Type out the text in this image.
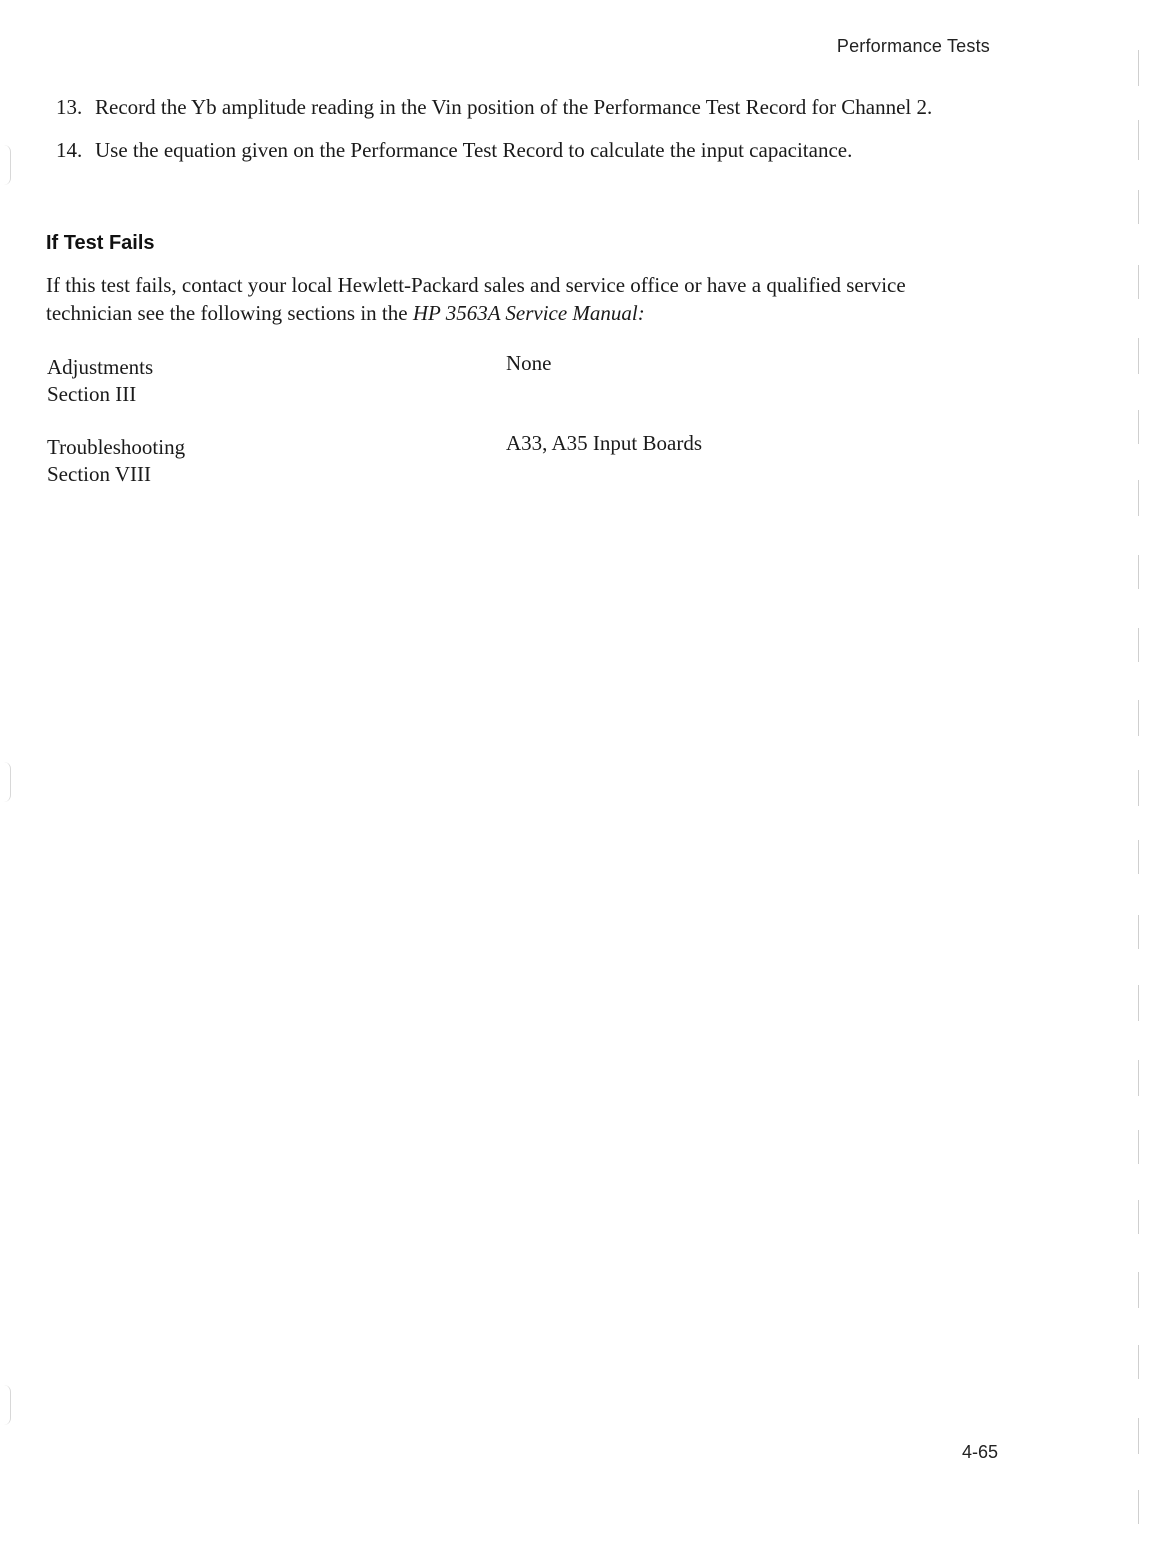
Performance Tests
13. Record the Yb amplitude reading in the Vin position of the Performance Test Record for Channel 2.
14. Use the equation given on the Performance Test Record to calculate the input capacitance.
If Test Fails

If this test fails, contact your local Hewlett-Packard sales and service office or have a qualified service technician see the following sections in the HP 3563A Service Manual:

Adjustments
Section III
None
Troubleshooting
Section VIII
A33, A35 Input Boards
4-65
